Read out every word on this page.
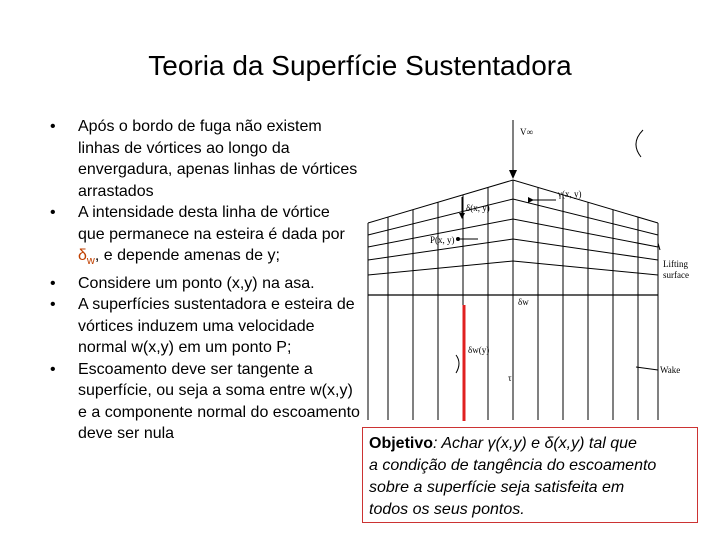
Teoria da Superfície Sustentadora
• Após o bordo de fuga não existem linhas de vórtices ao longo da envergadura, apenas linhas de vórtices arrastados
• A intensidade desta linha de vórtice que permanece na esteira é dada por $\delta_w$, e depende amenas de y;
• Considere um ponto (x,y) na asa.
• A superfícies sustentadora e esteira de vórtices induzem uma velocidade normal w(x,y) em um ponto P;
• Escoamento deve ser tangente a superfície, ou seja a soma entre w(x,y) e a componente normal do escoamento deve ser nula
V∞
γ(x, y)
δ(x, y)
P(x, y)
Lifting
surface
δw
δw(y)
τ
Wake
Objetivo: Achar γ(x,y) e δ(x,y) tal que
a condição de tangência do escoamento
sobre a superfície seja satisfeita em
todos os seus pontos.
